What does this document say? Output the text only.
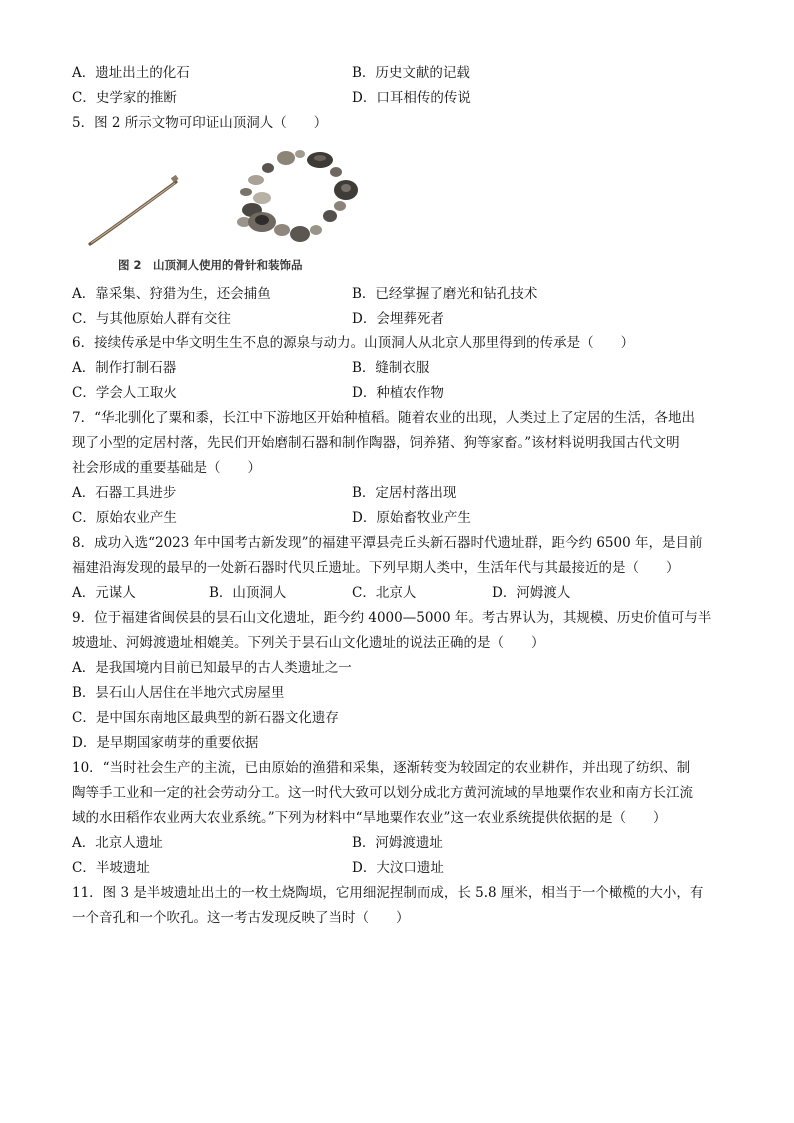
A．遗址出土的化石	B．历史文献的记载
C．史学家的推断	D．口耳相传的传说
5．图 2 所示文物可印证山顶洞人（　　）
图 2　山顶洞人使用的骨针和装饰品
A．靠采集、狩猎为生，还会捕鱼	B．已经掌握了磨光和钻孔技术
C．与其他原始人群有交往	D．会埋葬死者
6．接续传承是中华文明生生不息的源泉与动力。山顶洞人从北京人那里得到的传承是（　　）
A．制作打制石器	B．缝制衣服
C．学会人工取火	D．种植农作物
7．“华北驯化了粟和黍，长江中下游地区开始种植稻。随着农业的出现，人类过上了定居的生活，各地出
现了小型的定居村落，先民们开始磨制石器和制作陶器，饲养猪、狗等家畜。”该材料说明我国古代文明
社会形成的重要基础是（　　）
A．石器工具进步	B．定居村落出现
C．原始农业产生	D．原始畜牧业产生
8．成功入选“2023 年中国考古新发现”的福建平潭县壳丘头新石器时代遗址群，距今约 6500 年，是目前
福建沿海发现的最早的一处新石器时代贝丘遗址。下列早期人类中，生活年代与其最接近的是（　　）
A．元谋人	B．山顶洞人	C．北京人	D．河姆渡人
9．位于福建省闽侯县的昙石山文化遗址，距今约 4000—5000 年。考古界认为，其规模、历史价值可与半
坡遗址、河姆渡遗址相媲美。下列关于昙石山文化遗址的说法正确的是（　　）
A．是我国境内目前已知最早的古人类遗址之一
B．昙石山人居住在半地穴式房屋里
C．是中国东南地区最典型的新石器文化遗存
D．是早期国家萌芽的重要依据
10．“当时社会生产的主流，已由原始的渔猎和采集，逐渐转变为较固定的农业耕作，并出现了纺织、制
陶等手工业和一定的社会劳动分工。这一时代大致可以划分成北方黄河流域的旱地粟作农业和南方长江流
域的水田稻作农业两大农业系统。”下列为材料中“旱地粟作农业”这一农业系统提供依据的是（　　）
A．北京人遗址	B．河姆渡遗址
C．半坡遗址	D．大汶口遗址
11．图 3 是半坡遗址出土的一枚土烧陶埙，它用细泥捏制而成，长 5.8 厘米，相当于一个橄榄的大小，有
一个音孔和一个吹孔。这一考古发现反映了当时（　　）
